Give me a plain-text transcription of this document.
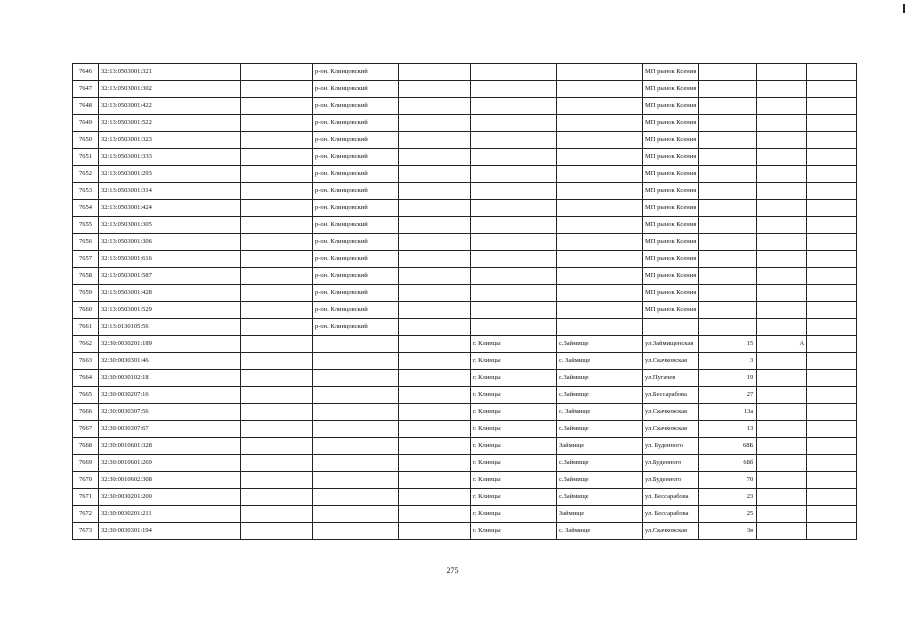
7646	32:13:0503001:321		р-он. Клинцовский				МП рынок Ксения			
7647	32:13:0503001:302		р-он. Клинцовский				МП рынок Ксения			
7648	32:13:0503001:422		р-он. Клинцовский				МП рынок Ксения			
7649	32:13:0503001:522		р-он. Клинцовский				МП рынок Ксения			
7650	32:13:0503001:323		р-он. Клинцовский				МП рынок Ксения			
7651	32:13:0503001:333		р-он. Клинцовский				МП рынок Ксения			
7652	32:13:0503001:293		р-он. Клинцовский				МП рынок Ксения			
7653	32:13:0503001:314		р-он. Клинцовский				МП рынок Ксения			
7654	32:13:0503001:424		р-он. Клинцовский				МП рынок Ксения			
7655	32:13:0503001:305		р-он. Клинцовский				МП рынок Ксения			
7656	32:13:0503001:306		р-он. Клинцовский				МП рынок Ксения			
7657	32:13:0503001:616		р-он. Клинцовский				МП рынок Ксения			
7658	32:13:0503001:587		р-он. Клинцовский				МП рынок Ксения			
7659	32:13:0503001:428		р-он. Клинцовский				МП рынок Ксения			
7660	32:13:0503001:529		р-он. Клинцовский				МП рынок Ксения			
7661	32:13:0130105:56		р-он. Клинцовский							
7662	32:30:0030201:189				г. Клинцы	с.Займище	ул.Займищенская	15	А	
7663	32:30:0030301:46				г. Клинцы	с. Займище	ул.Скачковская	3		
7664	32:30:0030102:18				г. Клинцы	с.Займище	ул.Пугачев	19		
7665	32:30:0030207:16				г. Клинцы	с.Займище	ул.Бессарабова	27		
7666	32:30:0030307:56				г. Клинцы	с. Займище	ул.Скачковская	13а		
7667	32:30:0030307:67				г. Клинцы	с.Займище	ул.Скачковская	13		
7668	32:30:0010601:328				г. Клинцы	Займище	ул. Буденного	68Б		
7669	32:30:0010601:269				г. Клинцы	с.Займище	ул.Буденного	68б		
7670	32:30:0010602:308				г. Клинцы	с.Займище	ул.Буденного	70		
7671	32:30:0030201:200				г. Клинцы	с.Займище	ул. Бессарабова	23		
7672	32:30:0030201:211				г. Клинцы	Займище	ул. Бессарабова	25		
7673	32:30:0030301:194				г. Клинцы	с. Займище	ул.Скачковская	3в		
275
